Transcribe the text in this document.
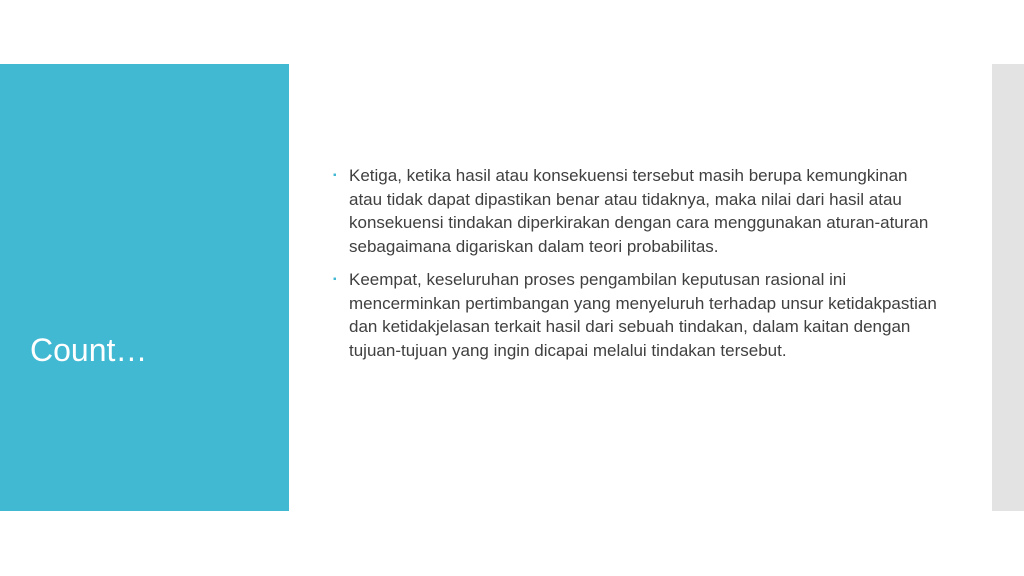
Count…
▪ Ketiga, ketika hasil atau konsekuensi tersebut masih berupa kemungkinan atau tidak dapat dipastikan benar atau tidaknya, maka nilai dari hasil atau konsekuensi tindakan diperkirakan dengan cara menggunakan aturan-aturan sebagaimana digariskan dalam teori probabilitas.
▪ Keempat, keseluruhan proses pengambilan keputusan rasional ini mencerminkan pertimbangan yang menyeluruh terhadap unsur ketidakpastian dan ketidakjelasan terkait hasil dari sebuah tindakan, dalam kaitan dengan tujuan-tujuan yang ingin dicapai melalui tindakan tersebut.
